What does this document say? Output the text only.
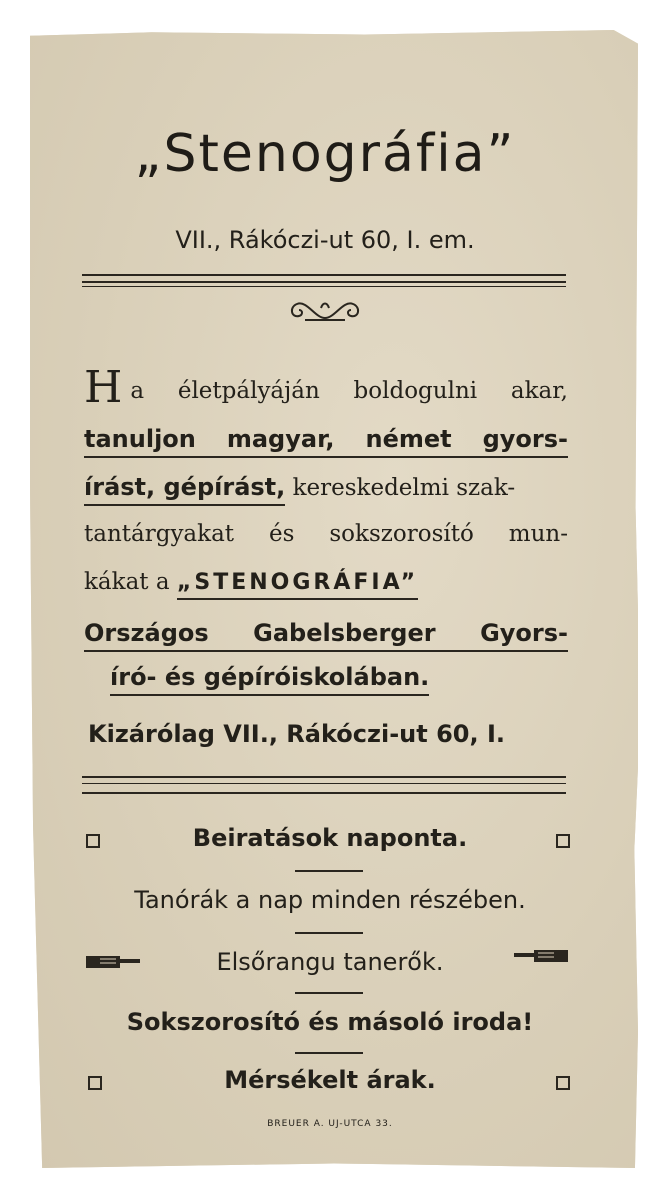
„Stenográfia”
VII., Rákóczi-ut 60, I. em.
Ha életpályáján boldogulni akar,
tanuljon magyar, német gyors-
írást, gépírást, kereskedelmi szak-
tantárgyakat és sokszorosító mun-
kákat a „STENOGRÁFIA”
Országos Gabelsberger Gyors-
író- és gépíróiskolában.
Kizárólag VII., Rákóczi-ut 60, I.
Beiratások naponta.
Tanórák a nap minden részében.
Elsőrangu tanerők.
Sokszorosító és másoló iroda!
Mérsékelt árak.
BREUER A. UJ-UTCA 33.
